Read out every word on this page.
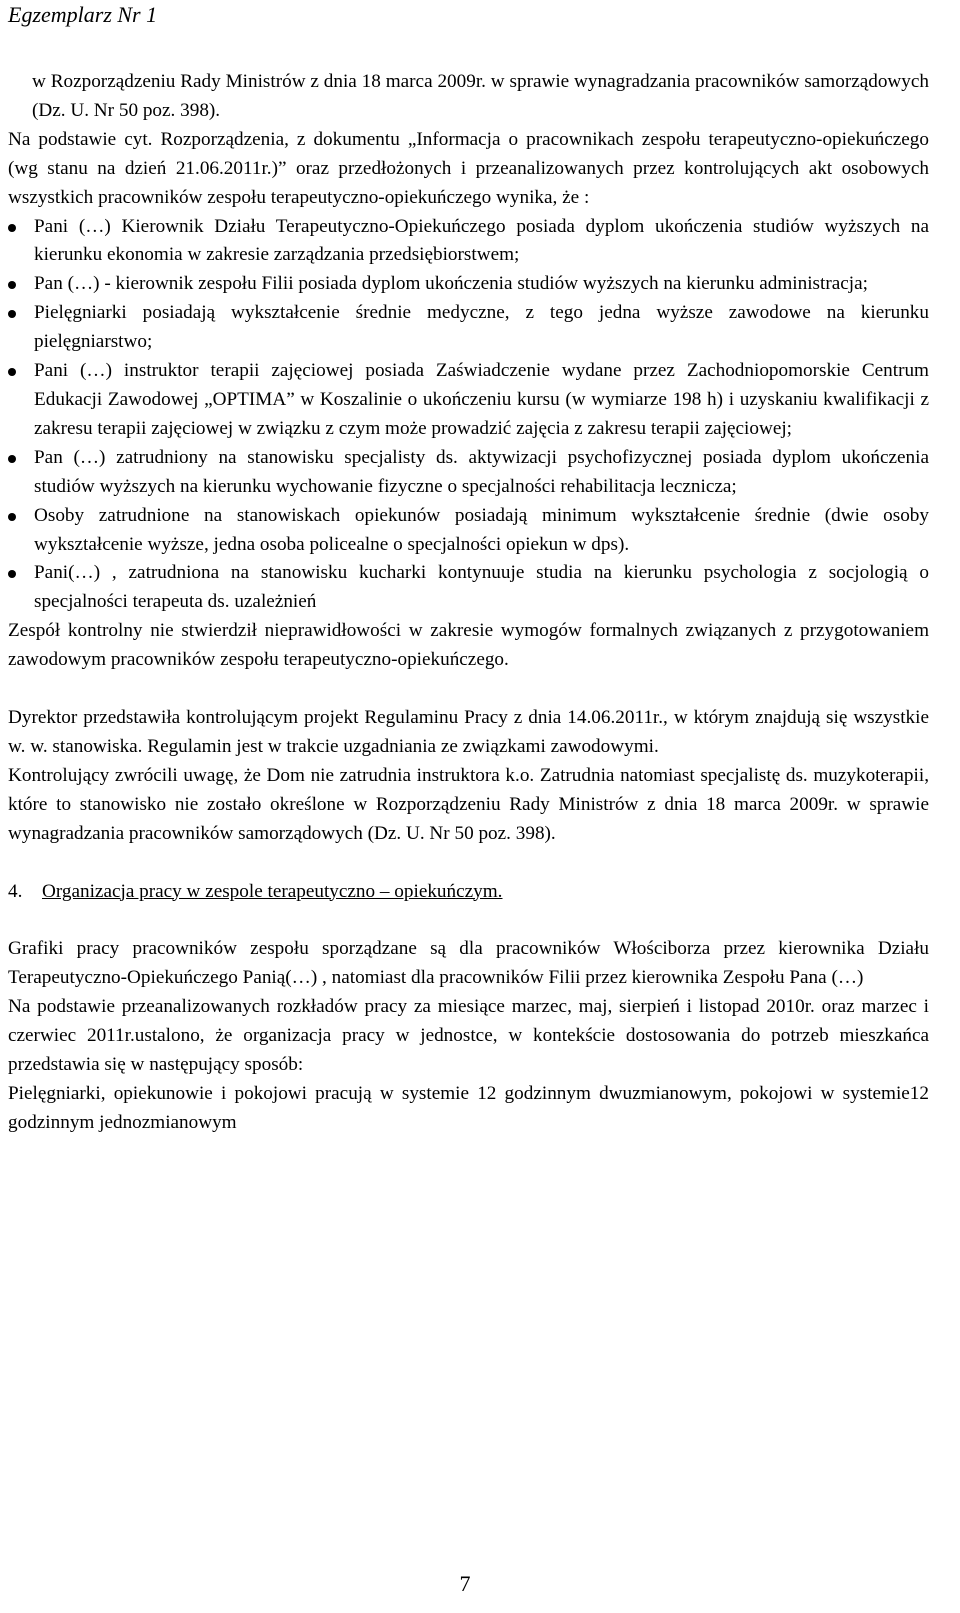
Egzemplarz Nr 1

w Rozporządzeniu Rady Ministrów z dnia 18 marca 2009r. w sprawie wynagradzania pracowników samorządowych (Dz. U. Nr 50 poz. 398).

Na podstawie cyt. Rozporządzenia, z dokumentu „Informacja o pracownikach zespołu terapeutyczno-opiekuńczego (wg stanu na dzień 21.06.2011r.)” oraz przedłożonych i przeanalizowanych przez kontrolujących akt osobowych wszystkich pracowników zespołu terapeutyczno-opiekuńczego wynika, że :

Pani (…) Kierownik Działu Terapeutyczno-Opiekuńczego posiada dyplom ukończenia studiów wyższych na kierunku ekonomia w zakresie zarządzania przedsiębiorstwem;
Pan (…) - kierownik zespołu Filii posiada dyplom ukończenia studiów wyższych na kierunku administracja;
Pielęgniarki posiadają wykształcenie średnie medyczne, z tego jedna wyższe zawodowe na kierunku pielęgniarstwo;
Pani (…) instruktor terapii zajęciowej posiada Zaświadczenie wydane przez Zachodniopomorskie Centrum Edukacji Zawodowej „OPTIMA” w Koszalinie o ukończeniu kursu (w wymiarze 198 h) i uzyskaniu kwalifikacji z zakresu terapii zajęciowej w związku z czym może prowadzić zajęcia z zakresu terapii zajęciowej;
Pan (…) zatrudniony na stanowisku specjalisty ds. aktywizacji psychofizycznej posiada dyplom ukończenia studiów wyższych na kierunku wychowanie fizyczne o specjalności rehabilitacja lecznicza;
Osoby zatrudnione na stanowiskach opiekunów posiadają minimum wykształcenie średnie (dwie osoby wykształcenie wyższe, jedna osoba policealne o specjalności opiekun w dps).
Pani(…) , zatrudniona na stanowisku kucharki kontynuuje studia na kierunku psychologia z socjologią o specjalności terapeuta ds. uzależnień

Zespół kontrolny nie stwierdził nieprawidłowości w zakresie wymogów formalnych związanych z przygotowaniem zawodowym pracowników zespołu terapeutyczno-opiekuńczego.

Dyrektor przedstawiła kontrolującym projekt Regulaminu Pracy z dnia 14.06.2011r., w którym znajdują się wszystkie w. w. stanowiska. Regulamin jest w trakcie uzgadniania ze związkami zawodowymi.

Kontrolujący zwrócili uwagę, że Dom nie zatrudnia instruktora k.o. Zatrudnia natomiast specjalistę ds. muzykoterapii, które to stanowisko nie zostało określone w Rozporządzeniu Rady Ministrów z dnia 18 marca 2009r. w sprawie wynagradzania pracowników samorządowych (Dz. U. Nr 50 poz. 398).

4.	Organizacja pracy w zespole terapeutyczno – opiekuńczym.

Grafiki pracy pracowników zespołu sporządzane są dla pracowników Włościborza przez kierownika Działu Terapeutyczno-Opiekuńczego Panią(…) , natomiast dla pracowników Filii przez kierownika Zespołu Pana (…)

Na podstawie przeanalizowanych rozkładów pracy za miesiące marzec, maj, sierpień i listopad 2010r. oraz marzec i czerwiec 2011r.ustalono, że organizacja pracy w jednostce, w kontekście dostosowania do potrzeb mieszkańca przedstawia się w następujący sposób:

Pielęgniarki, opiekunowie i pokojowi pracują w systemie 12 godzinnym dwuzmianowym, pokojowi w systemie12 godzinnym jednozmianowym

7
